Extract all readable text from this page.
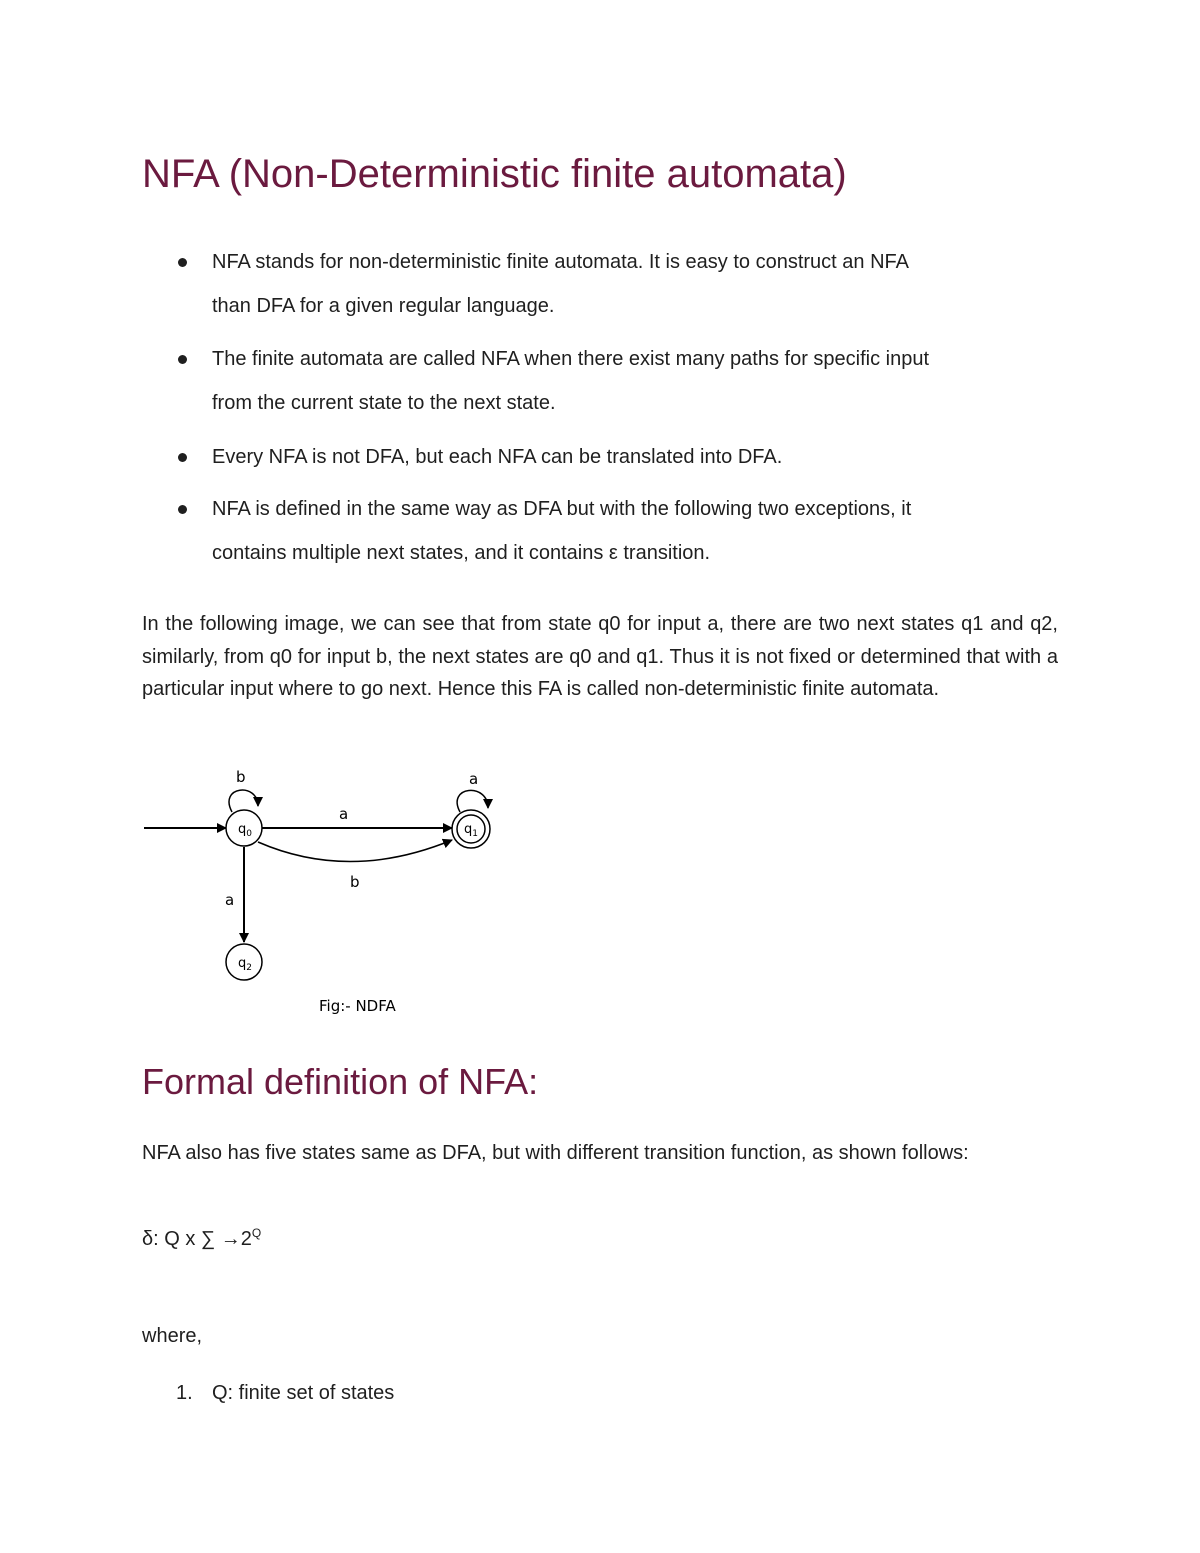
NFA (Non-Deterministic finite automata)
NFA stands for non-deterministic finite automata. It is easy to construct an NFA
than DFA for a given regular language.
The finite automata are called NFA when there exist many paths for specific input
from the current state to the next state.
Every NFA is not DFA, but each NFA can be translated into DFA.
NFA is defined in the same way as DFA but with the following two exceptions, it
contains multiple next states, and it contains ε transition.

In the following image, we can see that from state q0 for input a, there are two next states q1 and q2, similarly, from q0 for input b, the next states are q0 and q1. Thus it is not fixed or determined that with a particular input where to go next. Hence this FA is called non-deterministic finite automata.

$q_0$	$q_1$
$q_2$
b	a
a
b
a
Fig:- NDFA
Formal definition of NFA:

NFA also has five states same as DFA, but with different transition function, as shown follows:

δ: Q x ∑ $\to 2^Q$
where,
1. Q: finite set of states
